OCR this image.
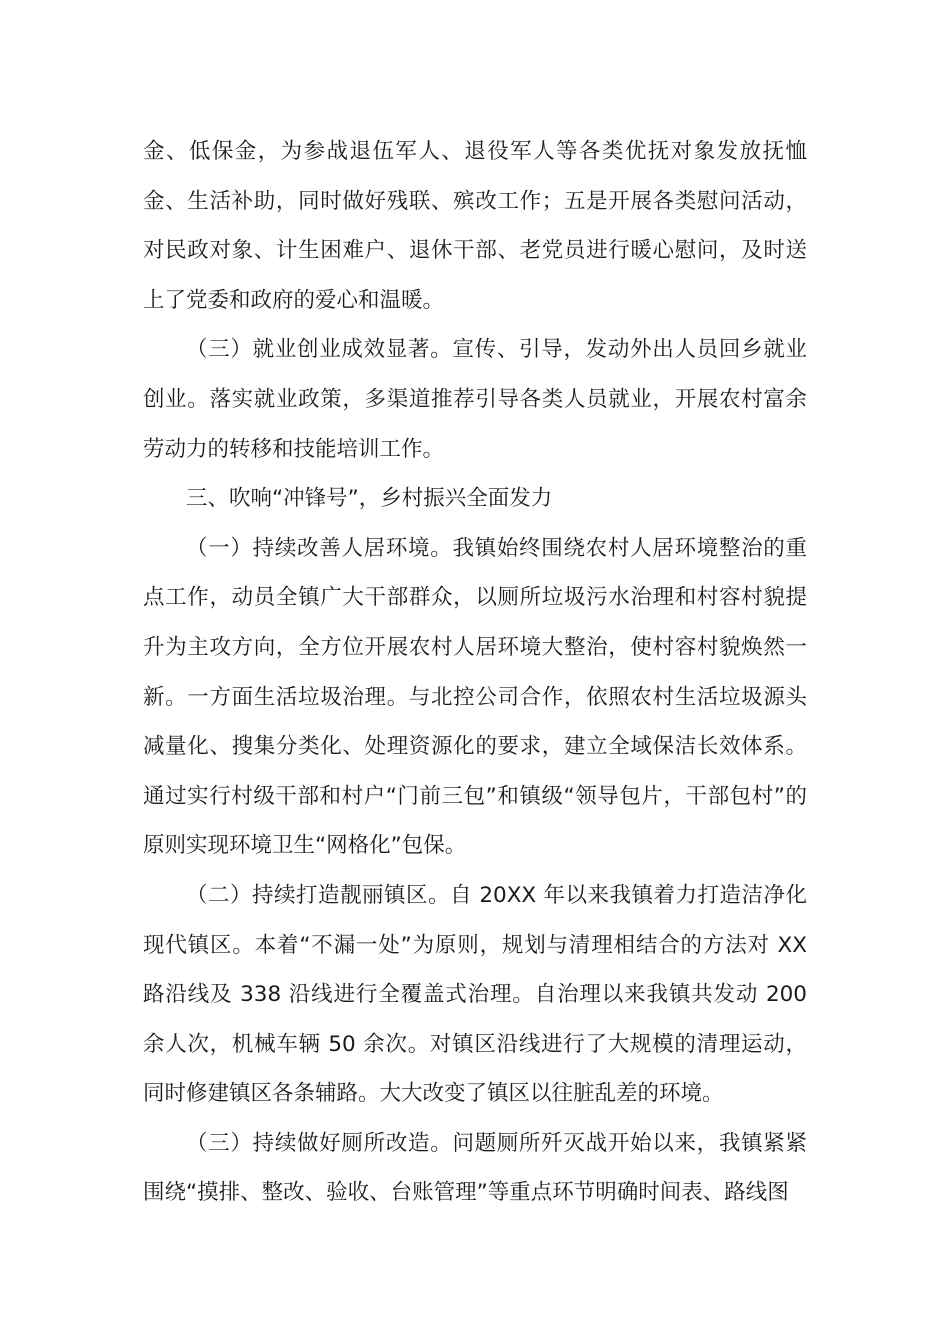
金、低保金，为参战退伍军人、退役军人等各类优抚对象发放抚恤金、生活补助，同时做好残联、殡改工作；五是开展各类慰问活动，对民政对象、计生困难户、退休干部、老党员进行暖心慰问，及时送上了党委和政府的爱心和温暖。

（三）就业创业成效显著。宣传、引导，发动外出人员回乡就业创业。落实就业政策，多渠道推荐引导各类人员就业，开展农村富余劳动力的转移和技能培训工作。

三、吹响“冲锋号”，乡村振兴全面发力

（一）持续改善人居环境。我镇始终围绕农村人居环境整治的重点工作，动员全镇广大干部群众，以厕所垃圾污水治理和村容村貌提升为主攻方向，全方位开展农村人居环境大整治，使村容村貌焕然一新。一方面生活垃圾治理。与北控公司合作，依照农村生活垃圾源头减量化、搜集分类化、处理资源化的要求，建立全域保洁长效体系。通过实行村级干部和村户“门前三包”和镇级“领导包片，干部包村”的原则实现环境卫生“网格化”包保。

（二）持续打造靓丽镇区。自 20XX 年以来我镇着力打造洁净化现代镇区。本着“不漏一处”为原则，规划与清理相结合的方法对 XX 路沿线及 338 沿线进行全覆盖式治理。自治理以来我镇共发动 200 余人次，机械车辆 50 余次。对镇区沿线进行了大规模的清理运动，同时修建镇区各条辅路。大大改变了镇区以往脏乱差的环境。

（三）持续做好厕所改造。问题厕所歼灭战开始以来，我镇紧紧围绕“摸排、整改、验收、台账管理”等重点环节明确时间表、路线图
